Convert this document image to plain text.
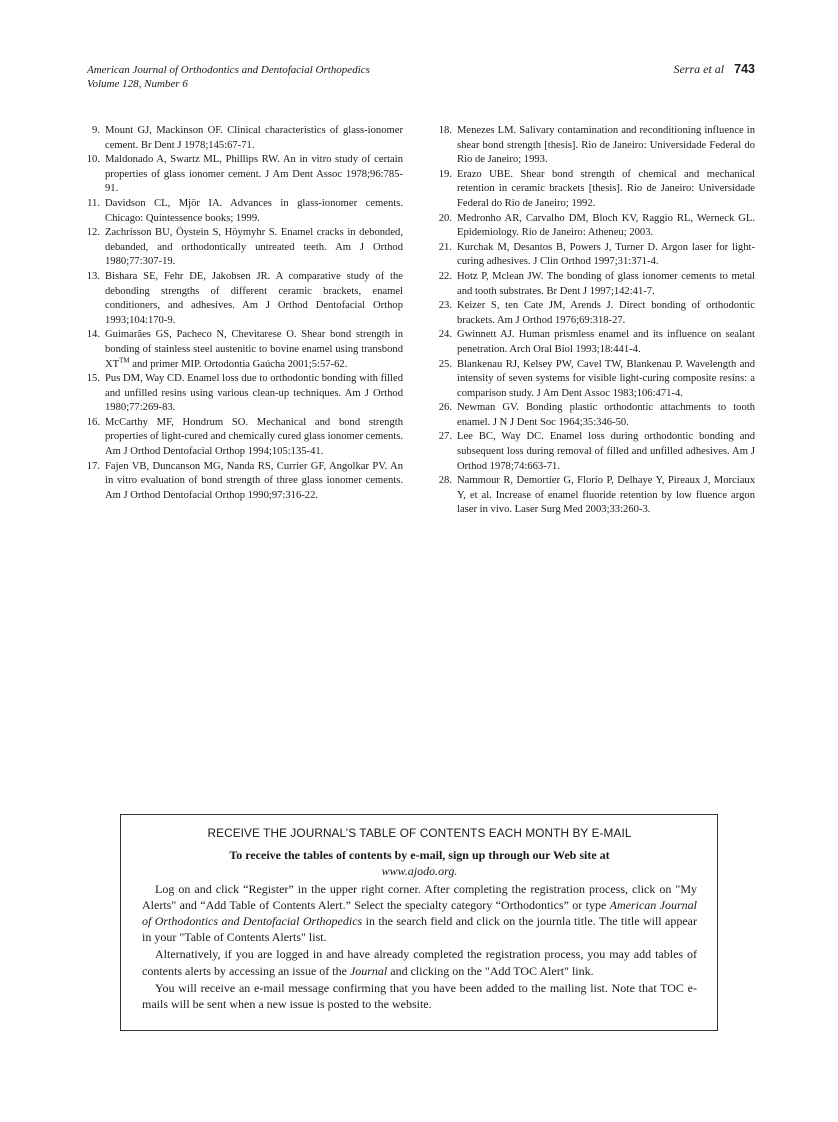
American Journal of Orthodontics and Dentofacial Orthopedics
Volume 128, Number 6
Serra et al 743
9. Mount GJ, Mackinson OF. Clinical characteristics of glass-ionomer cement. Br Dent J 1978;145:67-71.
10. Maldonado A, Swartz ML, Phillips RW. An in vitro study of certain properties of glass ionomer cement. J Am Dent Assoc 1978;96:785-91.
11. Davidson CL, Mjör IA. Advances in glass-ionomer cements. Chicago: Quintessence books; 1999.
12. Zachrisson BU, Öystein S, Höymyhr S. Enamel cracks in debonded, debanded, and orthodontically untreated teeth. Am J Orthod 1980;77:307-19.
13. Bishara SE, Fehr DE, Jakobsen JR. A comparative study of the debonding strengths of different ceramic brackets, enamel conditioners, and adhesives. Am J Orthod Dentofacial Orthop 1993;104:170-9.
14. Guimarães GS, Pacheco N, Chevitarese O. Shear bond strength in bonding of stainless steel austenitic to bovine enamel using transbond XT™ and primer MIP. Ortodontia Gaúcha 2001;5:57-62.
15. Pus DM, Way CD. Enamel loss due to orthodontic bonding with filled and unfilled resins using various clean-up techniques. Am J Orthod 1980;77:269-83.
16. McCarthy MF, Hondrum SO. Mechanical and bond strength properties of light-cured and chemically cured glass ionomer cements. Am J Orthod Dentofacial Orthop 1994;105:135-41.
17. Fajen VB, Duncanson MG, Nanda RS, Currier GF, Angolkar PV. An in vitro evaluation of bond strength of three glass ionomer cements. Am J Orthod Dentofacial Orthop 1990;97:316-22.
18. Menezes LM. Salivary contamination and reconditioning influence in shear bond strength [thesis]. Rio de Janeiro: Universidade Federal do Rio de Janeiro; 1993.
19. Erazo UBE. Shear bond strength of chemical and mechanical retention in ceramic brackets [thesis]. Rio de Janeiro: Universidade Federal do Rio de Janeiro; 1992.
20. Medronho AR, Carvalho DM, Bloch KV, Raggio RL, Werneck GL. Epidemiology. Rio de Janeiro: Atheneu; 2003.
21. Kurchak M, Desantos B, Powers J, Turner D. Argon laser for light-curing adhesives. J Clin Orthod 1997;31:371-4.
22. Hotz P, Mclean JW. The bonding of glass ionomer cements to metal and tooth substrates. Br Dent J 1997;142:41-7.
23. Keizer S, ten Cate JM, Arends J. Direct bonding of orthodontic brackets. Am J Orthod 1976;69:318-27.
24. Gwinnett AJ. Human prismless enamel and its influence on sealant penetration. Arch Oral Biol 1993;18:441-4.
25. Blankenau RJ, Kelsey PW, Cavel TW, Blankenau P. Wavelength and intensity of seven systems for visible light-curing composite resins: a comparison study. J Am Dent Assoc 1983;106:471-4.
26. Newman GV. Bonding plastic orthodontic attachments to tooth enamel. J N J Dent Soc 1964;35:346-50.
27. Lee BC, Way DC. Enamel loss during orthodontic bonding and subsequent loss during removal of filled and unfilled adhesives. Am J Orthod 1978;74:663-71.
28. Nammour R, Demortier G, Florio P, Delhaye Y, Pireaux J, Morciaux Y, et al. Increase of enamel fluoride retention by low fluence argon laser in vivo. Laser Surg Med 2003;33:260-3.
RECEIVE THE JOURNAL’S TABLE OF CONTENTS EACH MONTH BY E-MAIL
To receive the tables of contents by e-mail, sign up through our Web site at
www.ajodo.org.

Log on and click “Register” in the upper right corner. After completing the registration process, click on "My Alerts" and “Add Table of Contents Alert.” Select the specialty category “Orthodontics” or type American Journal of Orthodontics and Dentofacial Orthopedics in the search field and click on the journla title. The title will appear in your "Table of Contents Alerts" list.

Alternatively, if you are logged in and have already completed the registration process, you may add tables of contents alerts by accessing an issue of the Journal and clicking on the "Add TOC Alert" link.

You will receive an e-mail message confirming that you have been added to the mailing list. Note that TOC e-mails will be sent when a new issue is posted to the website.
